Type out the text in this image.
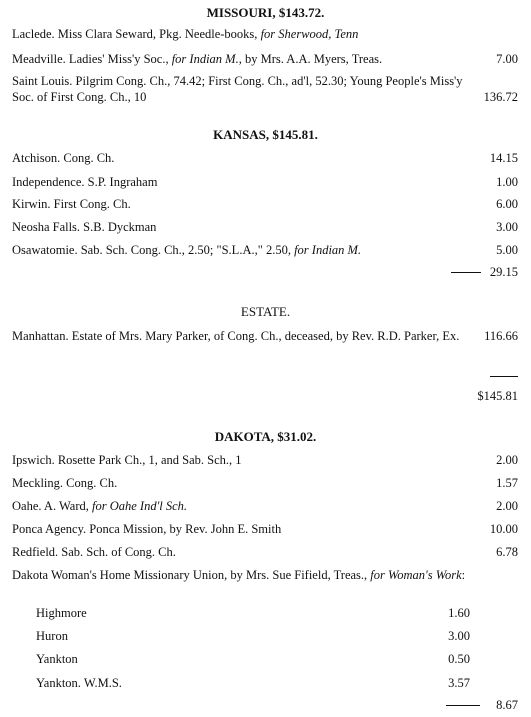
MISSOURI, $143.72.
Laclede. Miss Clara Seward, Pkg. Needle-books, for Sherwood, Tenn
Meadville. Ladies' Miss'y Soc., for Indian M., by Mrs. A.A. Myers, Treas.	7.00
Saint Louis. Pilgrim Cong. Ch., 74.42; First Cong. Ch., ad'l, 52.30; Young People's Miss'y Soc. of First Cong. Ch., 10	136.72
KANSAS, $145.81.
Atchison. Cong. Ch.	14.15
Independence. S.P. Ingraham	1.00
Kirwin. First Cong. Ch.	6.00
Neosha Falls. S.B. Dyckman	3.00
Osawatomie. Sab. Sch. Cong. Ch., 2.50; "S.L.A.," 2.50, for Indian M.	5.00
29.15
ESTATE.
Manhattan. Estate of Mrs. Mary Parker, of Cong. Ch., deceased, by Rev. R.D. Parker, Ex.	116.66
$145.81
DAKOTA, $31.02.
Ipswich. Rosette Park Ch., 1, and Sab. Sch., 1	2.00
Meckling. Cong. Ch.	1.57
Oahe. A. Ward, for Oahe Ind'l Sch.	2.00
Ponca Agency. Ponca Mission, by Rev. John E. Smith	10.00
Redfield. Sab. Sch. of Cong. Ch.	6.78
Dakota Woman's Home Missionary Union, by Mrs. Sue Fifield, Treas., for Woman's Work:
Highmore	1.60
Huron	3.00
Yankton	0.50
Yankton. W.M.S.	3.57
8.67
